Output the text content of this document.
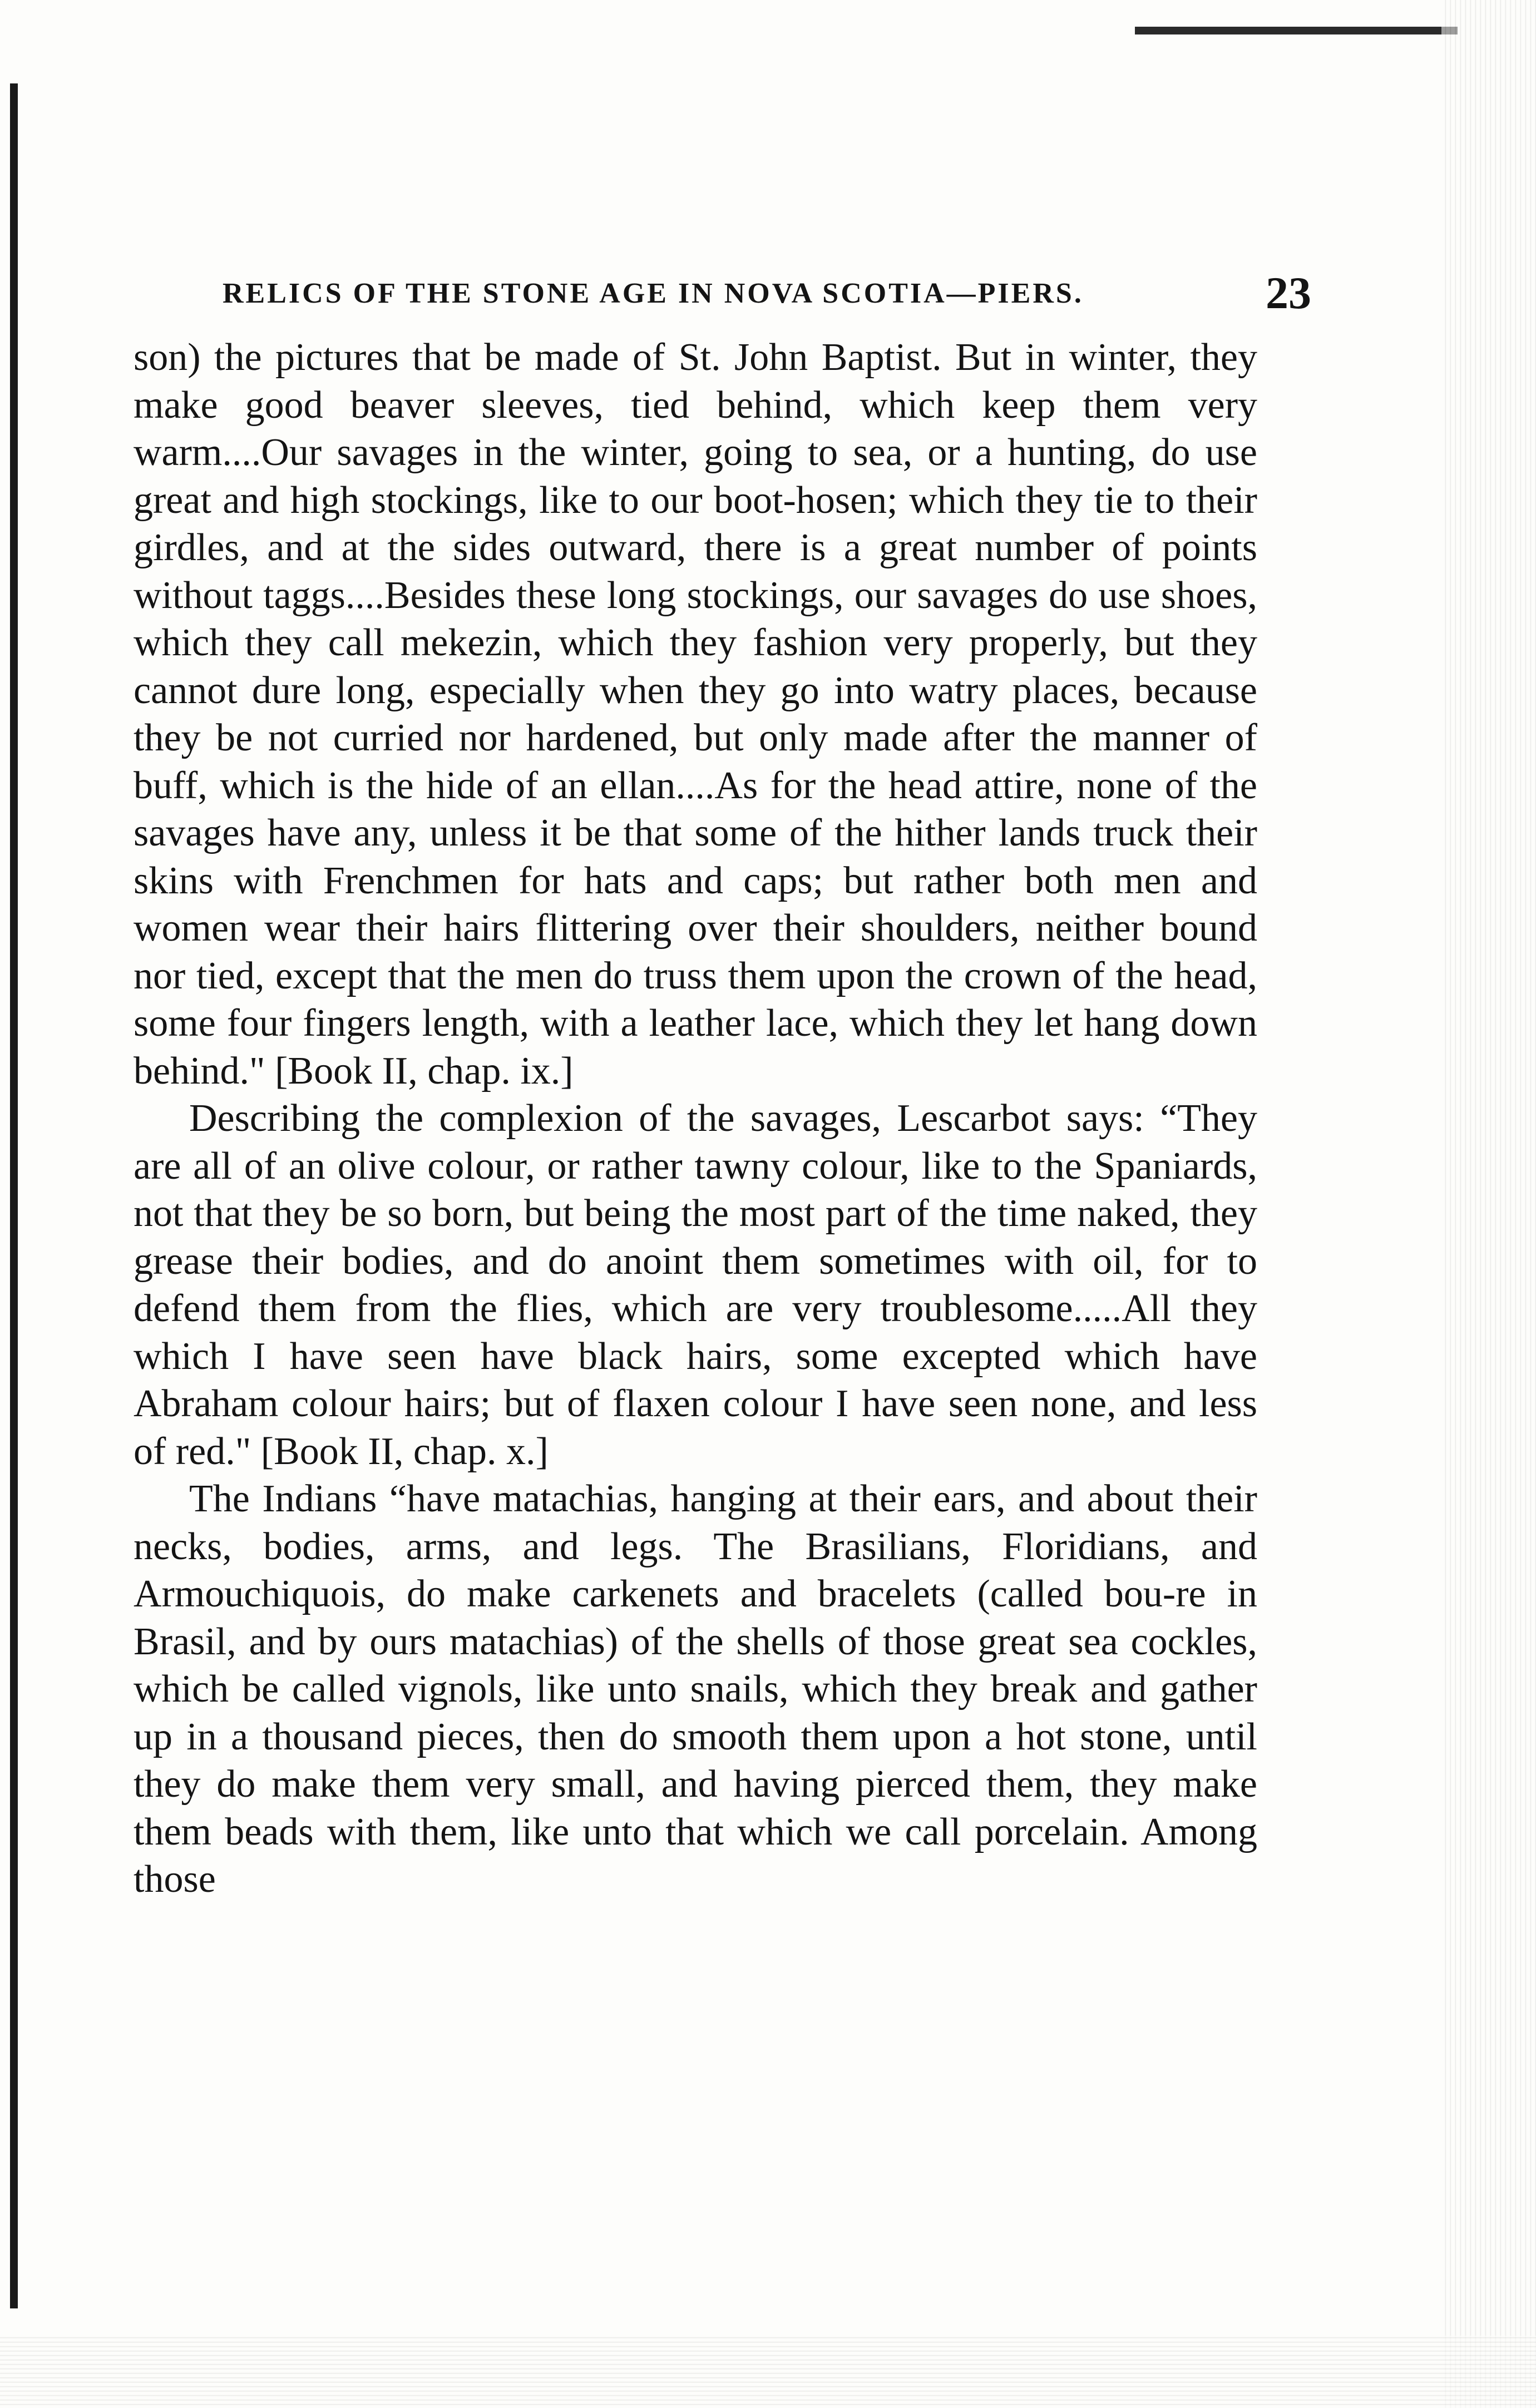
RELICS OF THE STONE AGE IN NOVA SCOTIA—PIERS.	23

son) the pictures that be made of St. John Baptist. But in winter, they make good beaver sleeves, tied behind, which keep them very warm....Our savages in the winter, going to sea, or a hunting, do use great and high stockings, like to our boot-hosen; which they tie to their girdles, and at the sides outward, there is a great number of points without taggs....Besides these long stockings, our savages do use shoes, which they call mekezin, which they fashion very properly, but they cannot dure long, especially when they go into watry places, because they be not curried nor hardened, but only made after the manner of buff, which is the hide of an ellan....As for the head attire, none of the savages have any, unless it be that some of the hither lands truck their skins with Frenchmen for hats and caps; but rather both men and women wear their hairs flittering over their shoulders, neither bound nor tied, except that the men do truss them upon the crown of the head, some four fingers length, with a leather lace, which they let hang down behind." [Book II, chap. ix.]

Describing the complexion of the savages, Lescarbot says: “They are all of an olive colour, or rather tawny colour, like to the Spaniards, not that they be so born, but being the most part of the time naked, they grease their bodies, and do anoint them sometimes with oil, for to defend them from the flies, which are very troublesome.....All they which I have seen have black hairs, some excepted which have Abraham colour hairs; but of flaxen colour I have seen none, and less of red." [Book II, chap. x.]

The Indians “have matachias, hanging at their ears, and about their necks, bodies, arms, and legs. The Brasilians, Floridians, and Armouchiquois, do make carkenets and bracelets (called bou-re in Brasil, and by ours matachias) of the shells of those great sea cockles, which be called vignols, like unto snails, which they break and gather up in a thousand pieces, then do smooth them upon a hot stone, until they do make them very small, and having pierced them, they make them beads with them, like unto that which we call porcelain. Among those
